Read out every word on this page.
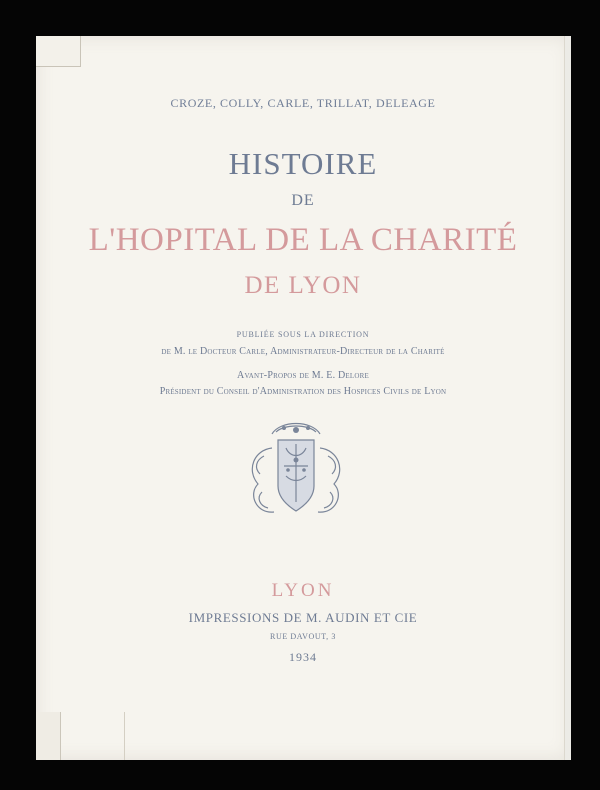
CROZE, COLLY, CARLE, TRILLAT, DELEAGE
HISTOIRE
DE
L'HOPITAL DE LA CHARITÉ
DE LYON
PUBLIÉE SOUS LA DIRECTION
de M. le Docteur Carle, Administrateur-Directeur de la Charité
Avant-Propos de M. E. Delore
Président du Conseil d'Administration des Hospices Civils de Lyon
LYON
IMPRESSIONS DE M. AUDIN ET CIE
RUE DAVOUT, 3
1934
